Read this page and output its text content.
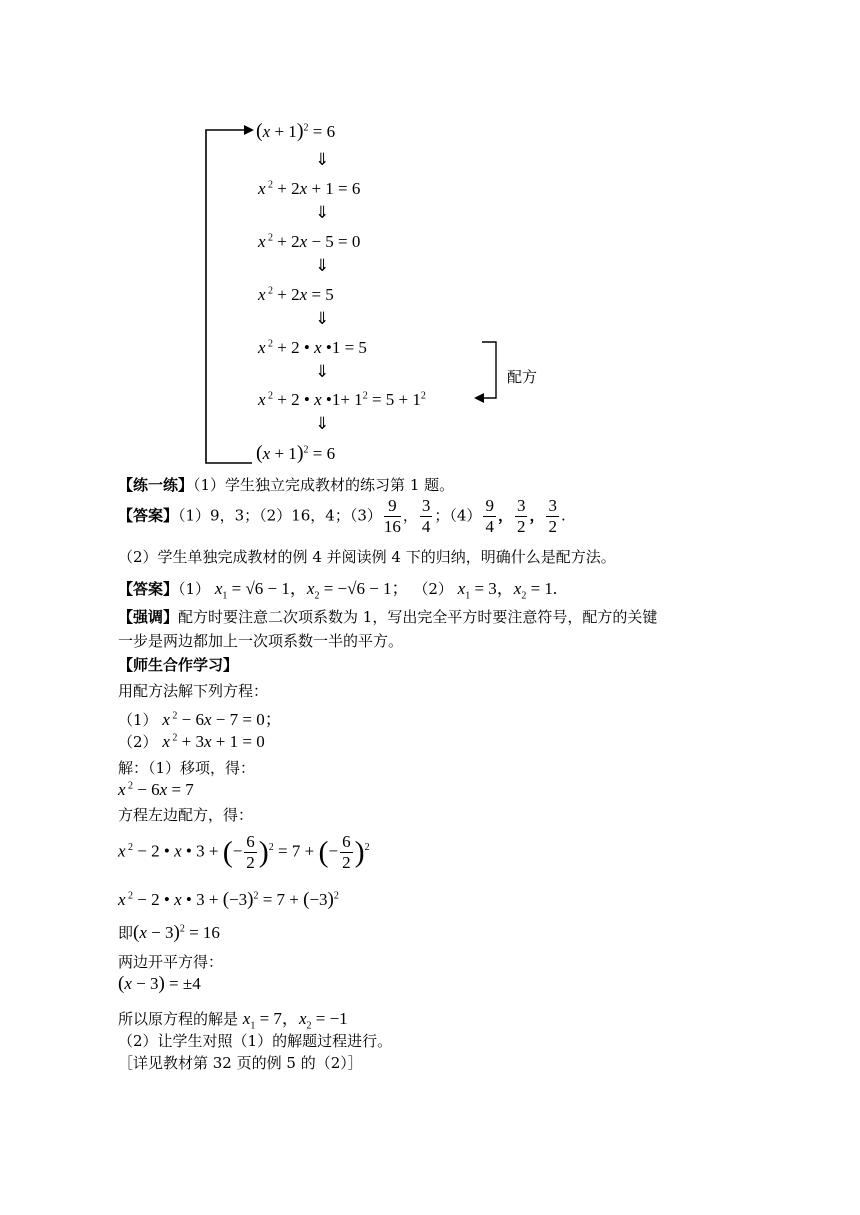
$(x + 1)^2 = 6$
⇓
x $^2$ + 2x + 1 = 6
⇓
x $^2$ + 2x − 5 = 0
⇓
x $^2$ + 2x = 5
⇓
x $^2$ + 2 • x •1 = 5
⇓
x $^2$ + 2 • x •1+ $1^2 = 5 + 1^2$
⇓
$(x + 1)^2 = 6$
配方
【练一练】（1）学生独立完成教材的练习第 1 题。
【答案】（1）9，3；（2）16，4；$(3) \frac{9}{16}$ ， $\frac{3}{4}$ ；$(4) \frac{9}{4}$ ， $\frac{3}{2}$ ， $\frac{3}{2}$ .
（2）学生单独完成教材的例 4 并阅读例 4 下的归纳，明确什么是配方法。
【答案】（1） $x_1 = √6 - 1$，$x_2 = -√6 - 1$； （2） $x_1 = 3$，$x_2 = 1$.
【强调】配方时要注意二次项系数为 1，写出完全平方时要注意符号，配方的关键
一步是两边都加上一次项系数一半的平方。
【师生合作学习】
用配方法解下列方程：
（1） x $^2$ − 6x − 7 = 0；
（2） x $^2$ + 3x + 1 = 0
解：（1）移项，得：
x $^2$ − 6x = 7
方程左边配方，得：
x $^2$ − 2 • x • 3 + (− $\frac{6}{2} )^2 = 7$ + (− $\frac{6}{2} )^2$
x $^2$ − 2 • x • $3 + (-3)^2 = 7 + (-3)^2$
即$(x - 3)^2 = 16$
两边开平方得：
(x − 3) = ±4
所以原方程的解是 $x_1 = 7$，$x_2 = -1$
（2）让学生对照（1）的解题过程进行。
［详见教材第 32 页的例 5 的（2）］
